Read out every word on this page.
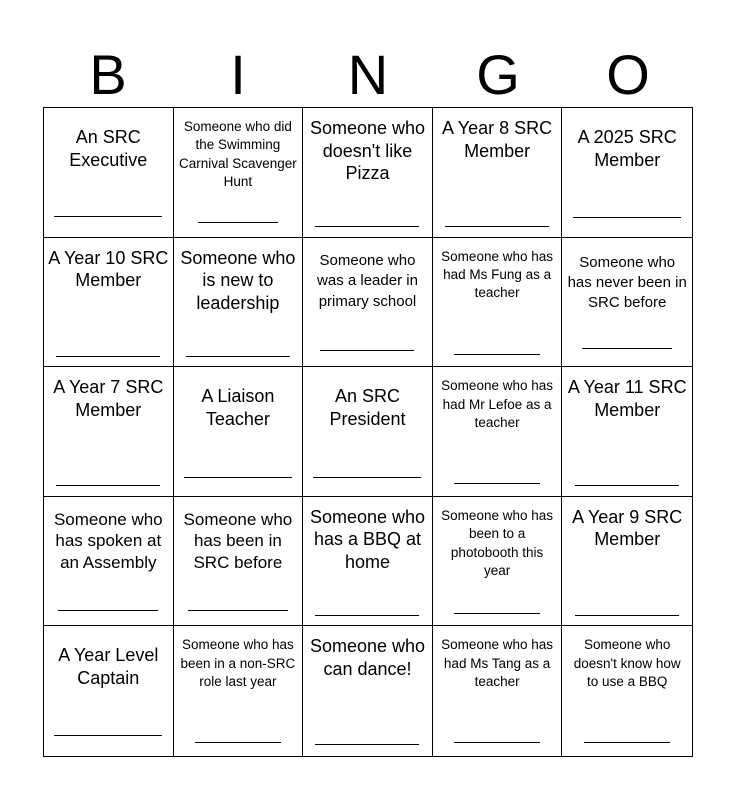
B	I	N	G	O
An SRC Executive
Someone who did the Swimming Carnival Scavenger Hunt
Someone who doesn't like Pizza
A Year 8 SRC Member
A 2025 SRC Member
A Year 10 SRC Member
Someone who is new to leadership
Someone who was a leader in primary school
Someone who has had Ms Fung as a teacher
Someone who has never been in SRC before
A Year 7 SRC Member
A Liaison Teacher
An SRC President
Someone who has had Mr Lefoe as a teacher
A Year 11 SRC Member
Someone who has spoken at an Assembly
Someone who has been in SRC before
Someone who has a BBQ at home
Someone who has been to a photobooth this year
A Year 9 SRC Member
A Year Level Captain
Someone who has been in a non-SRC role last year
Someone who can dance!
Someone who has had Ms Tang as a teacher
Someone who doesn't know how to use a BBQ
